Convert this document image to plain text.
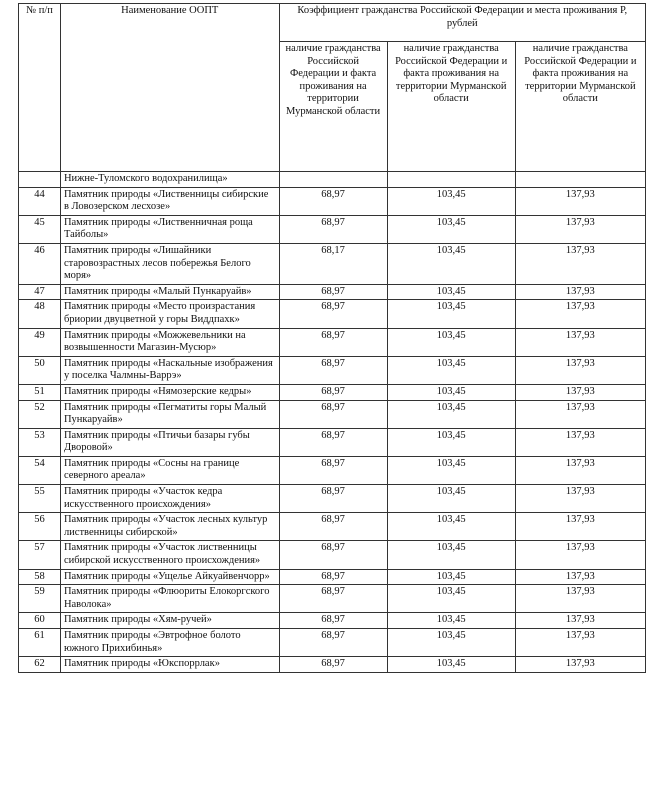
№ п/п	Наименование ООПТ	Коэффициент гражданства Российской Федерации и места проживания Р, рублей		
		наличие гражданства Российской Федерации и факта проживания на территории Мурманской области	наличие гражданства Российской Федерации и факта проживания на территории Мурманской области	наличие гражданства Российской Федерации и факта проживания на территории Мурманской области
	Нижне-Туломского водохранилища»			
44	Памятник природы «Лиственницы сибирские в Ловозерском лесхозе»	68,97	103,45	137,93
45	Памятник природы «Лиственничная роща Тайболы»	68,97	103,45	137,93
46	Памятник природы «Лишайники старовозрастных лесов побережья Белого моря»	68,17	103,45	137,93
47	Памятник природы «Малый Пункаруайв»	68,97	103,45	137,93
48	Памятник природы «Место произрастания бриории двуцветной у горы Виддпахк»	68,97	103,45	137,93
49	Памятник природы «Можжевельники на возвышенности Магазин-Мусюр»	68,97	103,45	137,93
50	Памятник природы «Наскальные изображения у поселка Чалмны-Варрэ»	68,97	103,45	137,93
51	Памятник природы «Нямозерские кедры»	68,97	103,45	137,93
52	Памятник природы «Пегматиты горы Малый Пункаруайв»	68,97	103,45	137,93
53	Памятник природы «Птичьи базары губы Дворовой»	68,97	103,45	137,93
54	Памятник природы «Сосны на границе северного ареала»	68,97	103,45	137,93
55	Памятник природы «Участок кедра искусственного происхождения»	68,97	103,45	137,93
56	Памятник природы «Участок лесных культур лиственницы сибирской»	68,97	103,45	137,93
57	Памятник природы «Участок лиственницы сибирской искусственного происхождения»	68,97	103,45	137,93
58	Памятник природы «Ущелье Айкуайвенчорр»	68,97	103,45	137,93
59	Памятник природы «Флюориты Елокоргского Наволока»	68,97	103,45	137,93
60	Памятник природы «Хям-ручей»	68,97	103,45	137,93
61	Памятник природы «Эвтрофное болото южного Прихибинья»	68,97	103,45	137,93
62	Памятник природы «Юкспоррлак»	68,97	103,45	137,93
